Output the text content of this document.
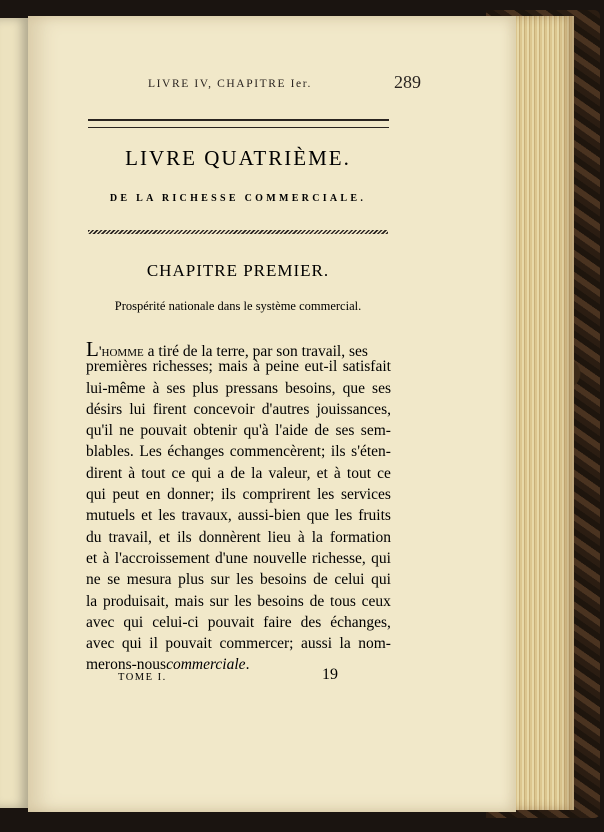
LIVRE IV, CHAPITRE Ier.	289
LIVRE QUATRIÈME.
DE LA RICHESSE COMMERCIALE.
CHAPITRE PREMIER.
Prospérité nationale dans le système commercial.
L'homme a tiré de la terre, par son travail, ses
premières richesses; mais à peine eut-il satisfait
lui-même à ses plus pressans besoins, que ses
désirs lui firent concevoir d'autres jouissances,
qu'il ne pouvait obtenir qu'à l'aide de ses sem-
blables. Les échanges commencèrent; ils s'éten-
dirent à tout ce qui a de la valeur, et à tout ce
qui peut en donner; ils comprirent les services
mutuels et les travaux, aussi-bien que les fruits
du travail, et ils donnèrent lieu à la formation
et à l'accroissement d'une nouvelle richesse, qui
ne se mesura plus sur les besoins de celui qui
la produisait, mais sur les besoins de tous ceux
avec qui celui-ci pouvait faire des échanges,
avec qui il pouvait commercer; aussi la nom-
merons-nous commerciale .
TOME I.	19
